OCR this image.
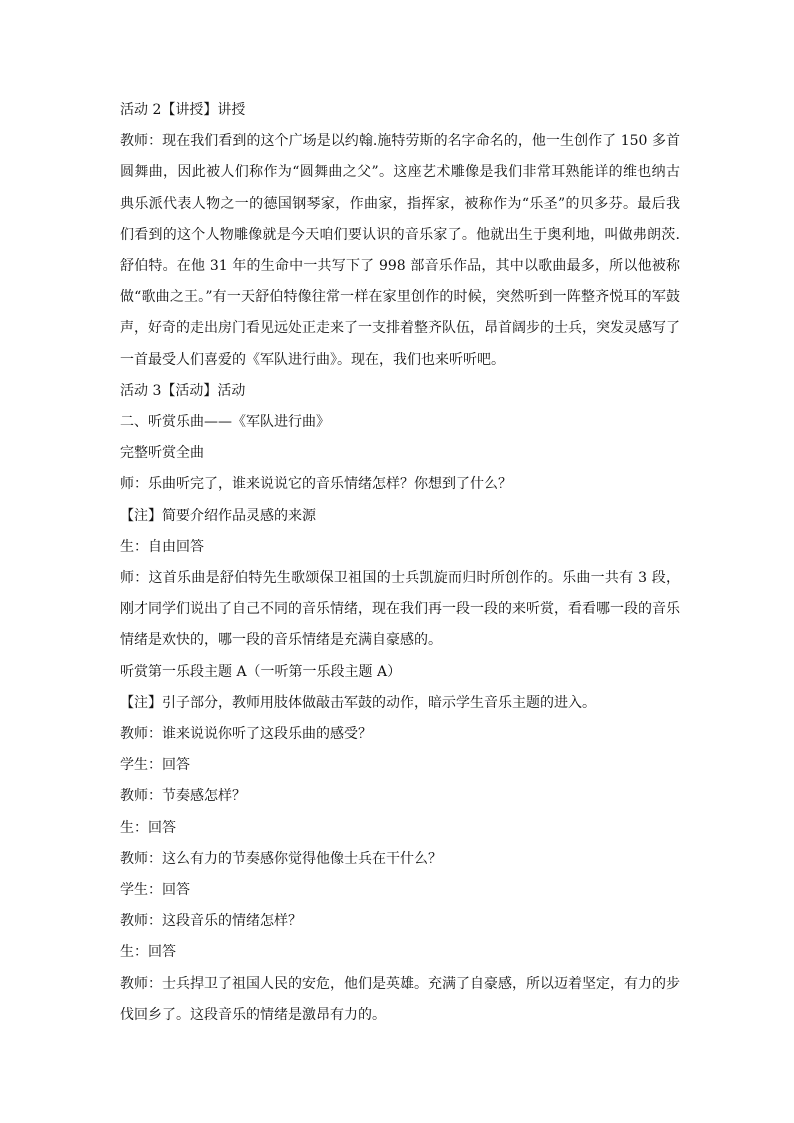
活动 2【讲授】讲授

教师：现在我们看到的这个广场是以约翰.施特劳斯的名字命名的，他一生创作了 150 多首圆舞曲，因此被人们称作为“圆舞曲之父”。这座艺术雕像是我们非常耳熟能详的维也纳古典乐派代表人物之一的德国钢琴家，作曲家，指挥家，被称作为“乐圣”的贝多芬。最后我们看到的这个人物雕像就是今天咱们要认识的音乐家了。他就出生于奥利地，叫做弗朗茨.舒伯特。在他 31 年的生命中一共写下了 998 部音乐作品，其中以歌曲最多，所以他被称做“歌曲之王。”有一天舒伯特像往常一样在家里创作的时候，突然听到一阵整齐悦耳的军鼓声，好奇的走出房门看见远处正走来了一支排着整齐队伍，昂首阔步的士兵，突发灵感写了一首最受人们喜爱的《军队进行曲》。现在，我们也来听听吧。

活动 3【活动】活动

二、听赏乐曲——《军队进行曲》

完整听赏全曲

师：乐曲听完了，谁来说说它的音乐情绪怎样？你想到了什么？

【注】简要介绍作品灵感的来源

生：自由回答

师：这首乐曲是舒伯特先生歌颂保卫祖国的士兵凯旋而归时所创作的。乐曲一共有 3 段，刚才同学们说出了自己不同的音乐情绪，现在我们再一段一段的来听赏，看看哪一段的音乐情绪是欢快的，哪一段的音乐情绪是充满自豪感的。

听赏第一乐段主题 A（一听第一乐段主题 A）

【注】引子部分，教师用肢体做敲击军鼓的动作，暗示学生音乐主题的进入。

教师：谁来说说你听了这段乐曲的感受？

学生：回答

教师：节奏感怎样？

生：回答

教师：这么有力的节奏感你觉得他像士兵在干什么？

学生：回答

教师：这段音乐的情绪怎样？

生：回答

教师：士兵捍卫了祖国人民的安危，他们是英雄。充满了自豪感，所以迈着坚定，有力的步伐回乡了。这段音乐的情绪是激昂有力的。
